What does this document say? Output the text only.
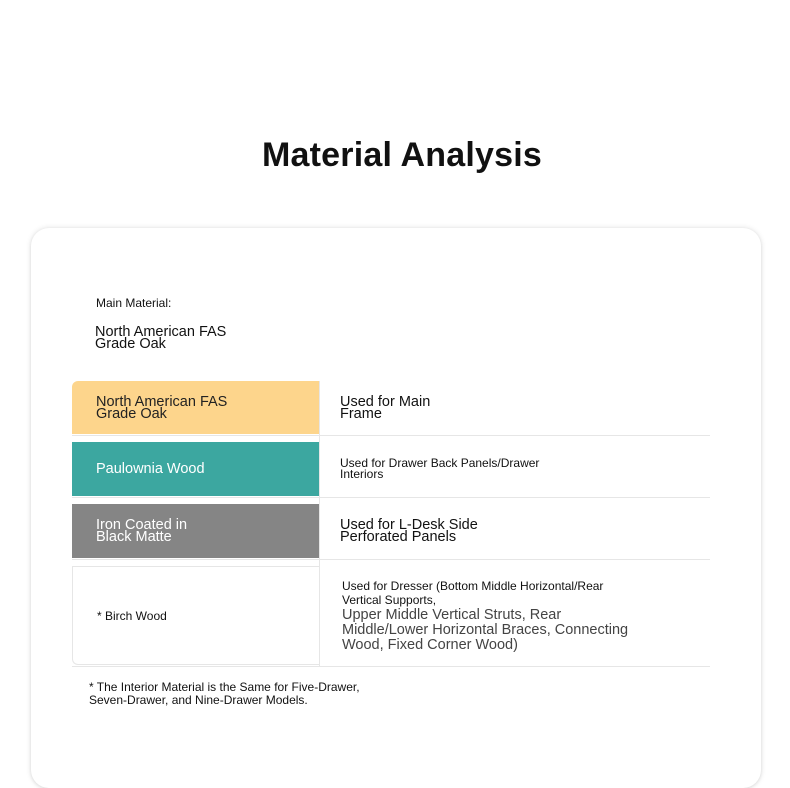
Material Analysis
Main Material:
North American FAS
Grade Oak
North American FAS
Grade Oak
Used for Main
Frame
Paulownia Wood	Used for Drawer Back Panels/Drawer
Interiors
Iron Coated in
Black Matte
Used for L-Desk Side
Perforated Panels
* Birch Wood
Used for Dresser (Bottom Middle Horizontal/Rear
Vertical Supports,
Upper Middle Vertical Struts, Rear
Middle/Lower Horizontal Braces, Connecting
Wood, Fixed Corner Wood)
* The Interior Material is the Same for Five-Drawer,
Seven-Drawer, and Nine-Drawer Models.
